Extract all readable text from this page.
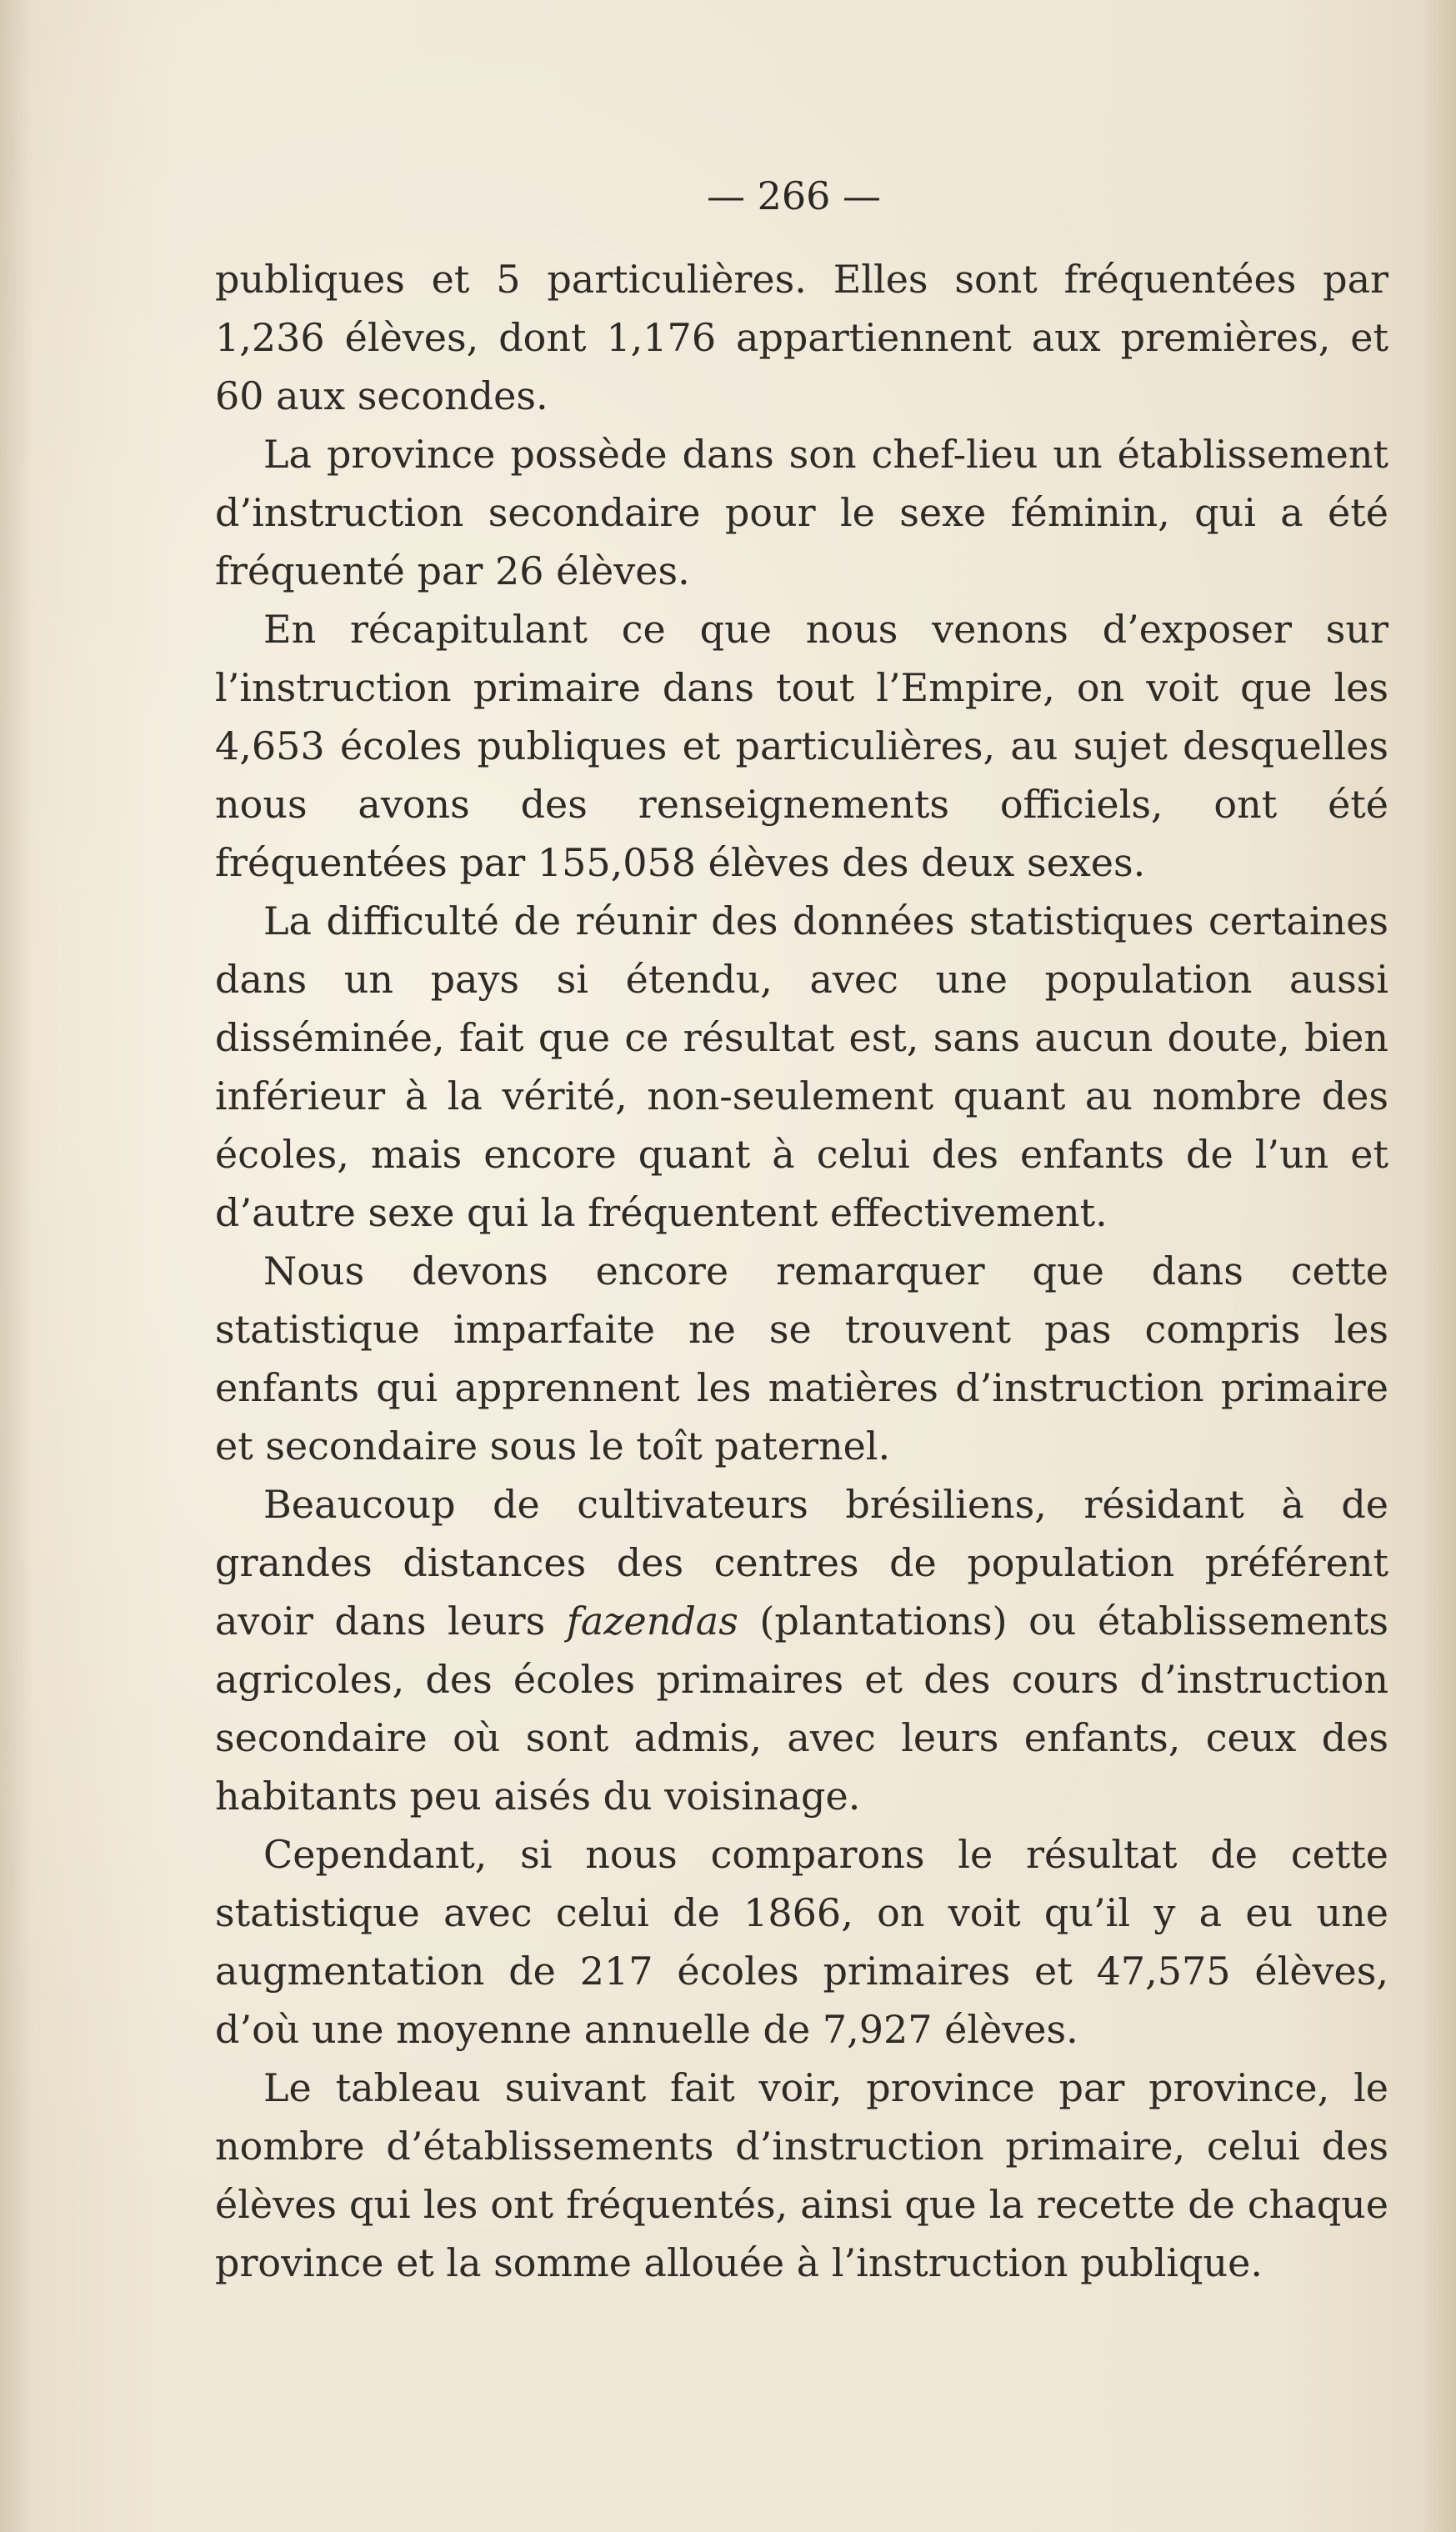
— 266 —

publiques et 5 particulières. Elles sont fréquentées par 1,236 élèves, dont 1,176 appartiennent aux premières, et 60 aux secondes.

La province possède dans son chef-lieu un établissement d’instruction secondaire pour le sexe féminin, qui a été fréquenté par 26 élèves.

En récapitulant ce que nous venons d’exposer sur l’instruction primaire dans tout l’Empire, on voit que les 4,653 écoles publiques et particulières, au sujet desquelles nous avons des renseignements officiels, ont été fréquentées par 155,058 élèves des deux sexes.

La difficulté de réunir des données statistiques certaines dans un pays si étendu, avec une population aussi disséminée, fait que ce résultat est, sans aucun doute, bien inférieur à la vérité, non-seulement quant au nombre des écoles, mais encore quant à celui des enfants de l’un et d’autre sexe qui la fréquentent effectivement.

Nous devons encore remarquer que dans cette statistique imparfaite ne se trouvent pas compris les enfants qui apprennent les matières d’instruction primaire et secondaire sous le toît paternel.

Beaucoup de cultivateurs brésiliens, résidant à de grandes distances des centres de population préférent avoir dans leurs fazendas (plantations) ou établissements agricoles, des écoles primaires et des cours d’instruction secondaire où sont admis, avec leurs enfants, ceux des habitants peu aisés du voisinage.

Cependant, si nous comparons le résultat de cette statistique avec celui de 1866, on voit qu’il y a eu une augmentation de 217 écoles primaires et 47,575 élèves, d’où une moyenne annuelle de 7,927 élèves.

Le tableau suivant fait voir, province par province, le nombre d’établissements d’instruction primaire, celui des élèves qui les ont fréquentés, ainsi que la recette de chaque province et la somme allouée à l’instruction publique.
